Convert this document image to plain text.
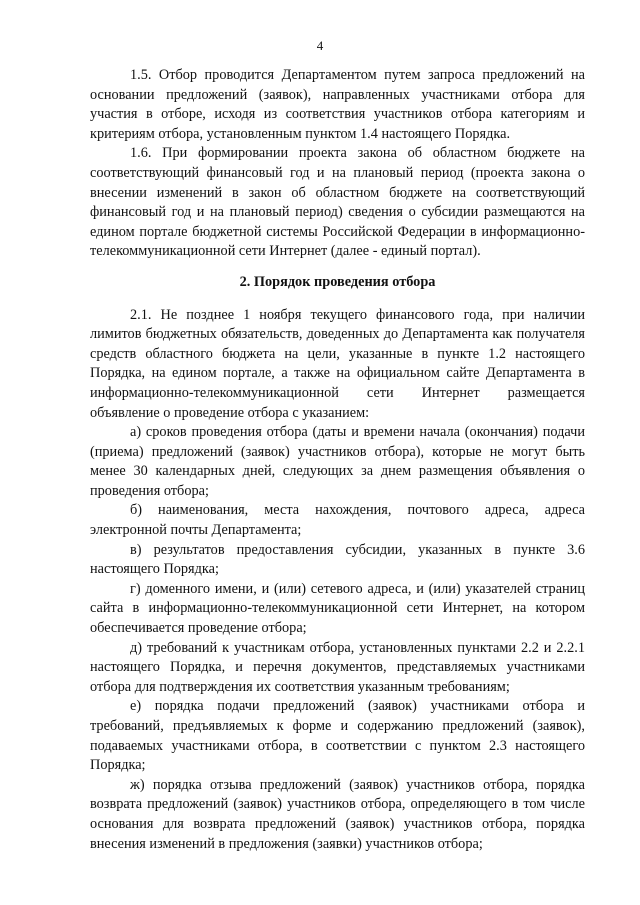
4

1.5. Отбор проводится Департаментом путем запроса предложений на основании предложений (заявок), направленных участниками отбора для участия в отборе, исходя из соответствия участников отбора категориям и критериям отбора, установленным пунктом 1.4 настоящего Порядка.

1.6. При формировании проекта закона об областном бюджете на соответствующий финансовый год и на плановый период (проекта закона о внесении изменений в закон об областном бюджете на соответствующий финансовый год и на плановый период) сведения о субсидии размещаются на едином портале бюджетной системы Российской Федерации в информационно-телекоммуникационной сети Интернет (далее - единый портал).

2. Порядок проведения отбора

2.1. Не позднее 1 ноября текущего финансового года, при наличии лимитов бюджетных обязательств, доведенных до Департамента как получателя средств областного бюджета на цели, указанные в пункте 1.2 настоящего Порядка, на едином портале, а также на официальном сайте Департамента в информационно-телекоммуникационной сети Интернет размещается объявление о проведение отбора с указанием:

а) сроков проведения отбора (даты и времени начала (окончания) подачи (приема) предложений (заявок) участников отбора), которые не могут быть менее 30 календарных дней, следующих за днем размещения объявления о проведения отбора;

б) наименования, места нахождения, почтового адреса, адреса электронной почты Департамента;

в) результатов предоставления субсидии, указанных в пункте 3.6 настоящего Порядка;

г) доменного имени, и (или) сетевого адреса, и (или) указателей страниц сайта в информационно-телекоммуникационной сети Интернет, на котором обеспечивается проведение отбора;

д) требований к участникам отбора, установленных пунктами 2.2 и 2.2.1 настоящего Порядка, и перечня документов, представляемых участниками отбора для подтверждения их соответствия указанным требованиям;

е) порядка подачи предложений (заявок) участниками отбора и требований, предъявляемых к форме и содержанию предложений (заявок), подаваемых участниками отбора, в соответствии с пунктом 2.3 настоящего Порядка;

ж) порядка отзыва предложений (заявок) участников отбора, порядка возврата предложений (заявок) участников отбора, определяющего в том числе основания для возврата предложений (заявок) участников отбора, порядка внесения изменений в предложения (заявки) участников отбора;
